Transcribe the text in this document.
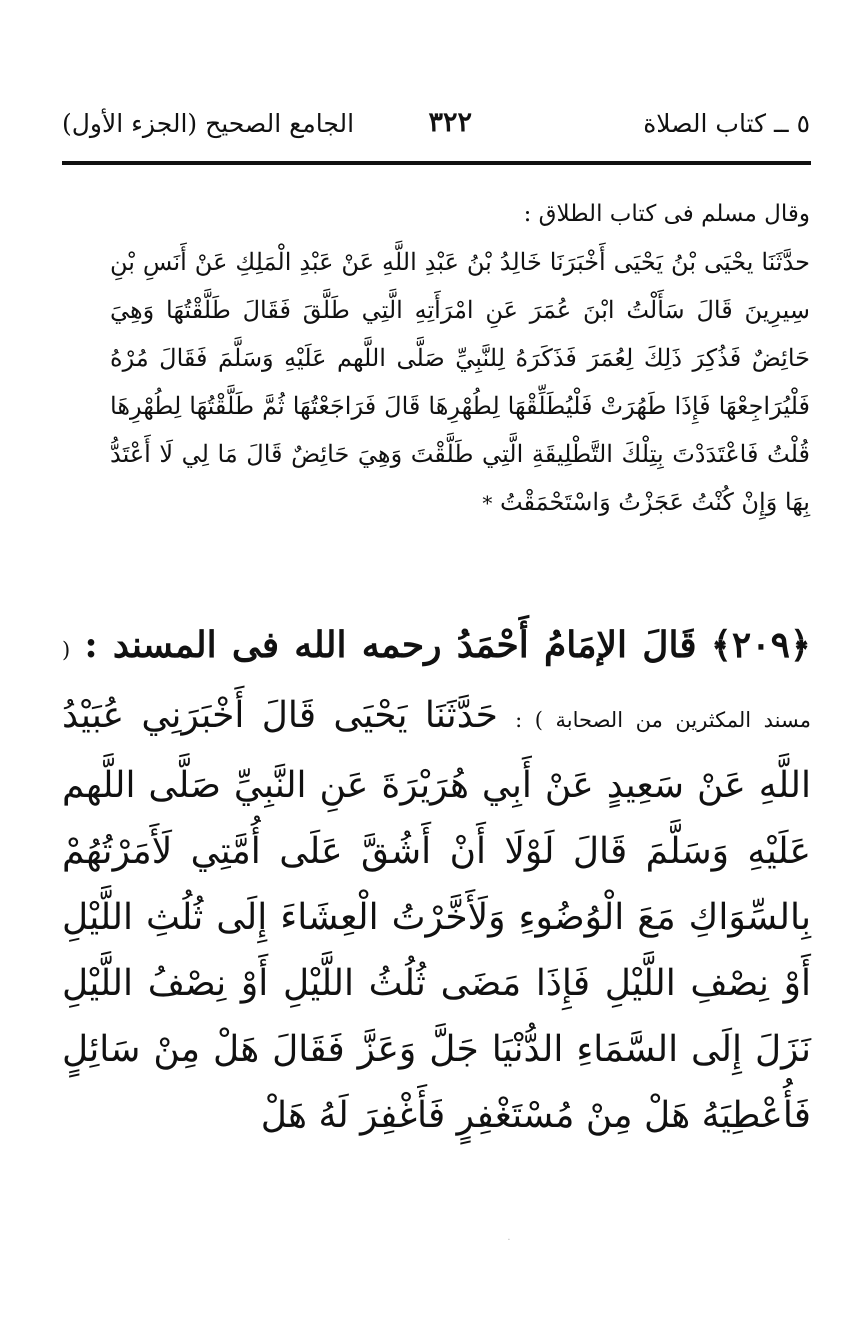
٥ ــ كتاب الصلاة
٣٢٢
الجامع الصحيح (الجزء الأول)
وقال مسلم فى كتاب الطلاق :
حدَّثَنَا يحْيَى بْنُ يَحْيَى أَخْبَرَنَا خَالِدُ بْنُ عَبْدِ اللَّهِ عَنْ عَبْدِ الْمَلِكِ عَنْ أَنَسِ بْنِ سِيرِينَ قَالَ سَأَلْتُ ابْنَ عُمَرَ عَنِ امْرَأَتِهِ الَّتِي طَلَّقَ فَقَالَ طَلَّقْتُهَا وَهِيَ حَائِضٌ فَذُكِرَ ذَلِكَ لِعُمَرَ فَذَكَرَهُ لِلنَّبِيِّ صَلَّى اللَّهم عَلَيْهِ وَسَلَّمَ فَقَالَ مُرْهُ فَلْيُرَاجِعْهَا فَإِذَا طَهُرَتْ فَلْيُطَلِّقْهَا لِطُهْرِهَا قَالَ فَرَاجَعْتُهَا ثُمَّ طَلَّقْتُهَا لِطُهْرِهَا قُلْتُ فَاعْتَدَدْتَ بِتِلْكَ التَّطْلِيقَةِ الَّتِي طَلَّقْتَ وَهِيَ حَائِضٌ قَالَ مَا لِي لَا أَعْتَدُّ بِهَا وَإِنْ كُنْتُ عَجَزْتُ وَاسْتَحْمَقْتُ *
﴿٢٠٩﴾ قَالَ الإمَامُ أَحْمَدُ رحمه الله فى المسند : ( مسند المكثرين من الصحابة ) : حَدَّثَنَا يَحْيَى قَالَ أَخْبَرَنِي عُبَيْدُ اللَّهِ عَنْ سَعِيدٍ عَنْ أَبِي هُرَيْرَةَ عَنِ النَّبِيِّ صَلَّى اللَّهم عَلَيْهِ وَسَلَّمَ قَالَ لَوْلَا أَنْ أَشُقَّ عَلَى أُمَّتِي لَأَمَرْتُهُمْ بِالسِّوَاكِ مَعَ الْوُضُوءِ وَلَأَخَّرْتُ الْعِشَاءَ إِلَى ثُلُثِ اللَّيْلِ أَوْ نِصْفِ اللَّيْلِ فَإِذَا مَضَى ثُلُثُ اللَّيْلِ أَوْ نِصْفُ اللَّيْلِ نَزَلَ إِلَى السَّمَاءِ الدُّنْيَا جَلَّ وَعَزَّ فَقَالَ هَلْ مِنْ سَائِلٍ فَأُعْطِيَهُ هَلْ مِنْ مُسْتَغْفِرٍ فَأَغْفِرَ لَهُ هَلْ
·
